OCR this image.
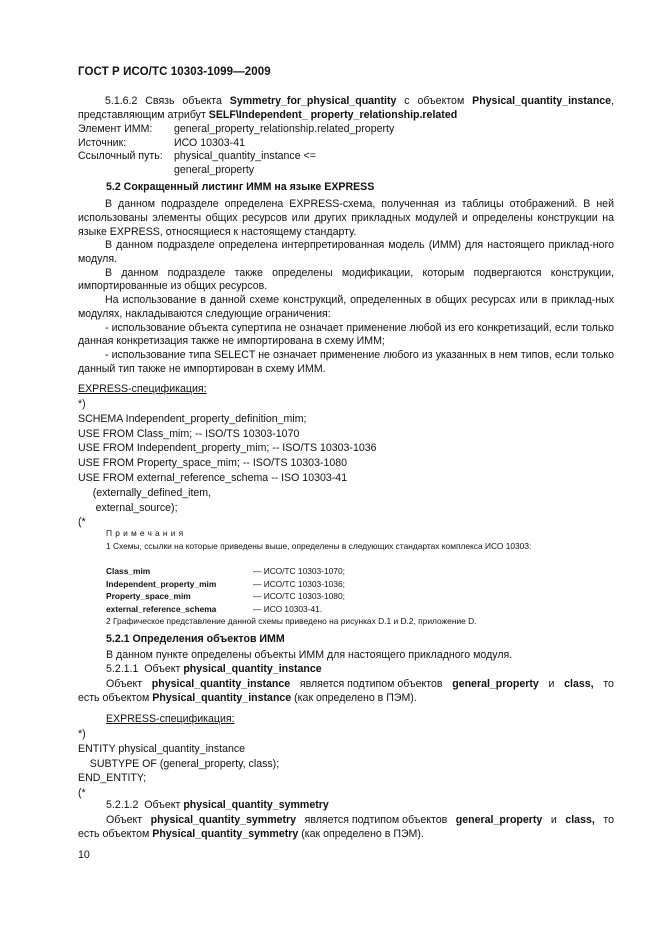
ГОСТ Р ИСО/ТС 10303-1099—2009
5.1.6.2 Связь объекта Symmetry_for_physical_quantity с объектом Physical_quantity_instance, представляющим атрибут SELF\Independent_ property_relationship.related
Элемент ИММ: general_property_relationship.related_property
Источник:	ИСО 10303-41
Ссылочный путь: physical_quantity_instance <=
general_property
5.2 Сокращенный листинг ИММ на языке EXPRESS
В данном подразделе определена EXPRESS-схема, полученная из таблицы отображений. В ней использованы элементы общих ресурсов или других прикладных модулей и определены конструкции на языке EXPRESS, относящиеся к настоящему стандарту.
В данном подразделе определена интерпретированная модель (ИММ) для настоящего приклад-ного модуля.
В данном подразделе также определены модификации, которым подвергаются конструкции, импортированные из общих ресурсов.
На использование в данной схеме конструкций, определенных в общих ресурсах или в приклад-ных модулях, накладываются следующие ограничения:
- использование объекта супертипа не означает применение любой из его конкретизаций, если только данная конкретизация также не импортирована в схему ИММ;
- использование типа SELECT не означает применение любого из указанных в нем типов, если только данный тип также не импортирован в схему ИММ.
EXPRESS-спецификация:
*)
SCHEMA Independent_property_definition_mim;
USE FROM Class_mim; -- ISO/TS 10303-1070
USE FROM Independent_property_mim; -- ISO/TS 10303-1036
USE FROM Property_space_mim; -- ISO/TS 10303-1080
USE FROM external_reference_schema -- ISO 10303-41
(externally_defined_item,
external_source);
(*
Примечания
1 Схемы, ссылки на которые приведены выше, определены в следующих стандартах комплекса ИСО 10303:
Class_mim	— ИСО/ТС 10303-1070;
Independent_property_mim	— ИСО/ТС 10303-1036;
Property_space_mim	— ИСО/ТС 10303-1080;
external_reference_schema	— ИСО 10303-41.
2 Графическое представление данной схемы приведено на рисунках D.1 и D.2, приложение D.
5.2.1 Определения объектов ИММ
В данном пункте определены объекты ИММ для настоящего прикладного модуля.
5.2.1.1 Объект physical_quantity_instance
Объект physical_quantity_instance является подтипом объектов general_property и class, то
есть объектом Physical_quantity_instance (как определено в ПЭМ).
EXPRESS-спецификация:
*)
ENTITY physical_quantity_instance
SUBTYPE OF (general_property, class);
END_ENTITY;
(*
5.2.1.2 Объект physical_quantity_symmetry
Объект physical_quantity_symmetry является подтипом объектов general_property и class, то
есть объектом Physical_quantity_symmetry (как определено в ПЭМ).
10
